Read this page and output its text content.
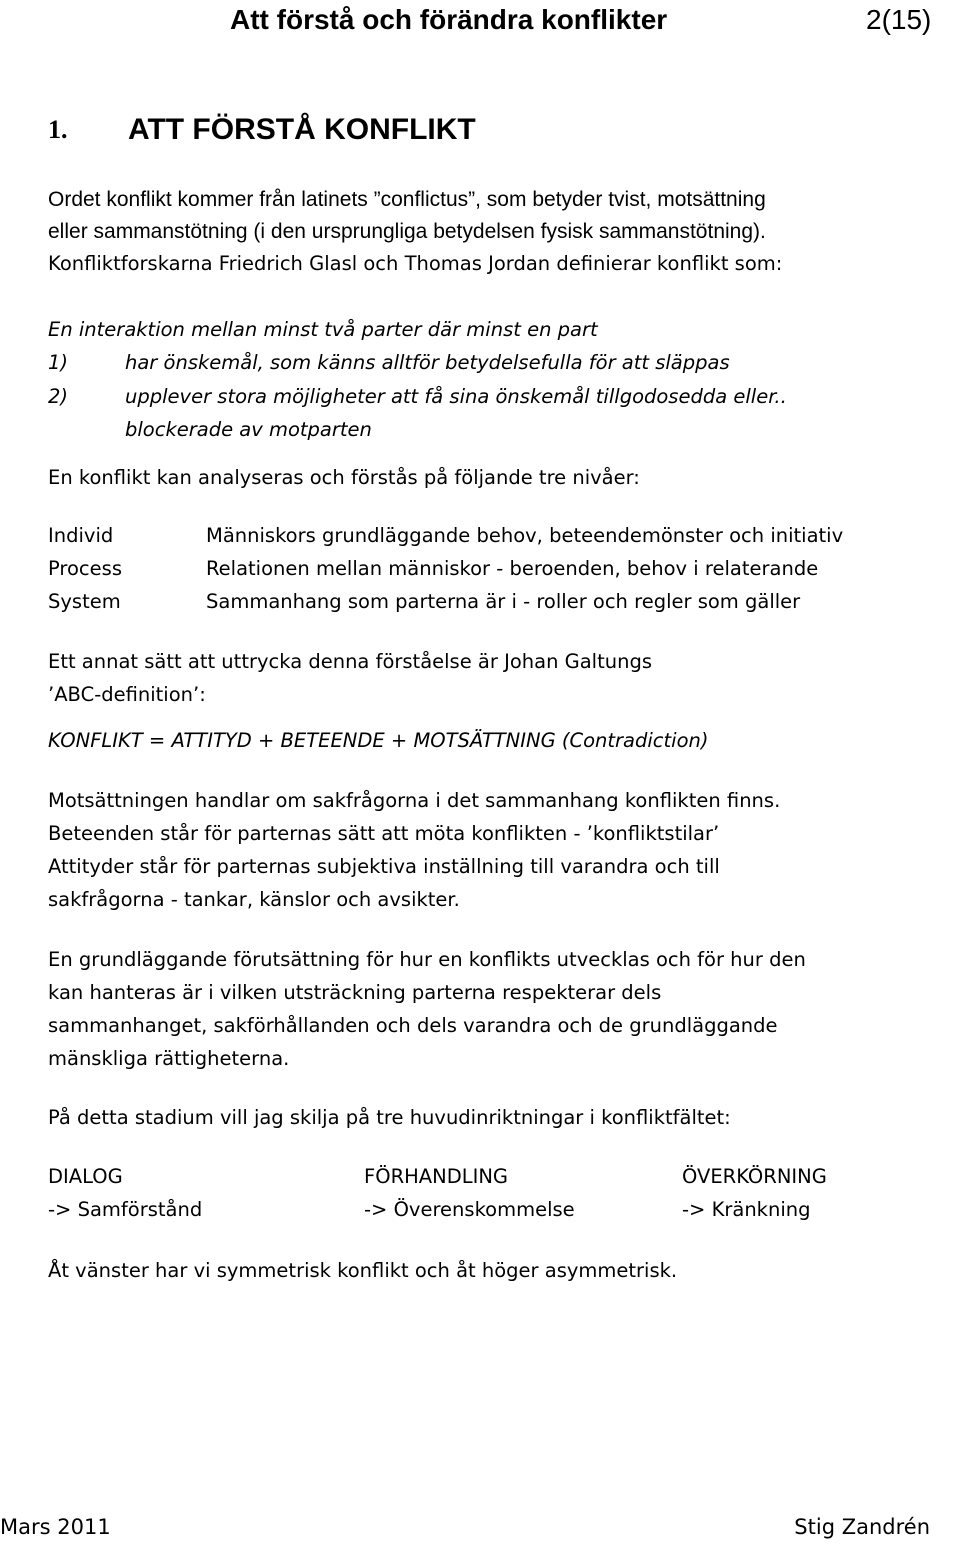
Att förstå och förändra konflikter	2(15)
1. ATT FÖRSTÅ KONFLIKT
Ordet konflikt kommer från latinets ”conflictus”, som betyder tvist, motsättning
eller sammanstötning (i den ursprungliga betydelsen fysisk sammanstötning).
Konfliktforskarna Friedrich Glasl och Thomas Jordan definierar konflikt som:
En interaktion mellan minst två parter där minst en part
1)	har önskemål, som känns alltför betydelsefulla för att släppas
2)	upplever stora möjligheter att få sina önskemål tillgodosedda eller..
blockerade av motparten
En konflikt kan analyseras och förstås på följande tre nivåer:
Individ	Människors grundläggande behov, beteendemönster och initiativ
Process	Relationen mellan människor - beroenden, behov i relaterande
System	Sammanhang som parterna är i - roller och regler som gäller
Ett annat sätt att uttrycka denna förståelse är Johan Galtungs
’ABC-definition’:
KONFLIKT = ATTITYD + BETEENDE + MOTSÄTTNING (Contradiction)
Motsättningen handlar om sakfrågorna i det sammanhang konflikten finns.
Beteenden står för parternas sätt att möta konflikten - ’konfliktstilar’
Attityder står för parternas subjektiva inställning till varandra och till
sakfrågorna - tankar, känslor och avsikter.
En grundläggande förutsättning för hur en konflikts utvecklas och för hur den
kan hanteras är i vilken utsträckning parterna respekterar dels
sammanhanget, sakförhållanden och dels varandra och de grundläggande
mänskliga rättigheterna.
På detta stadium vill jag skilja på tre huvudinriktningar i konfliktfältet:
DIALOG	FÖRHANDLING	ÖVERKÖRNING
-> Samförstånd	-> Överenskommelse	-> Kränkning
Åt vänster har vi symmetrisk konflikt och åt höger asymmetrisk.
Mars 2011	Stig Zandrén
